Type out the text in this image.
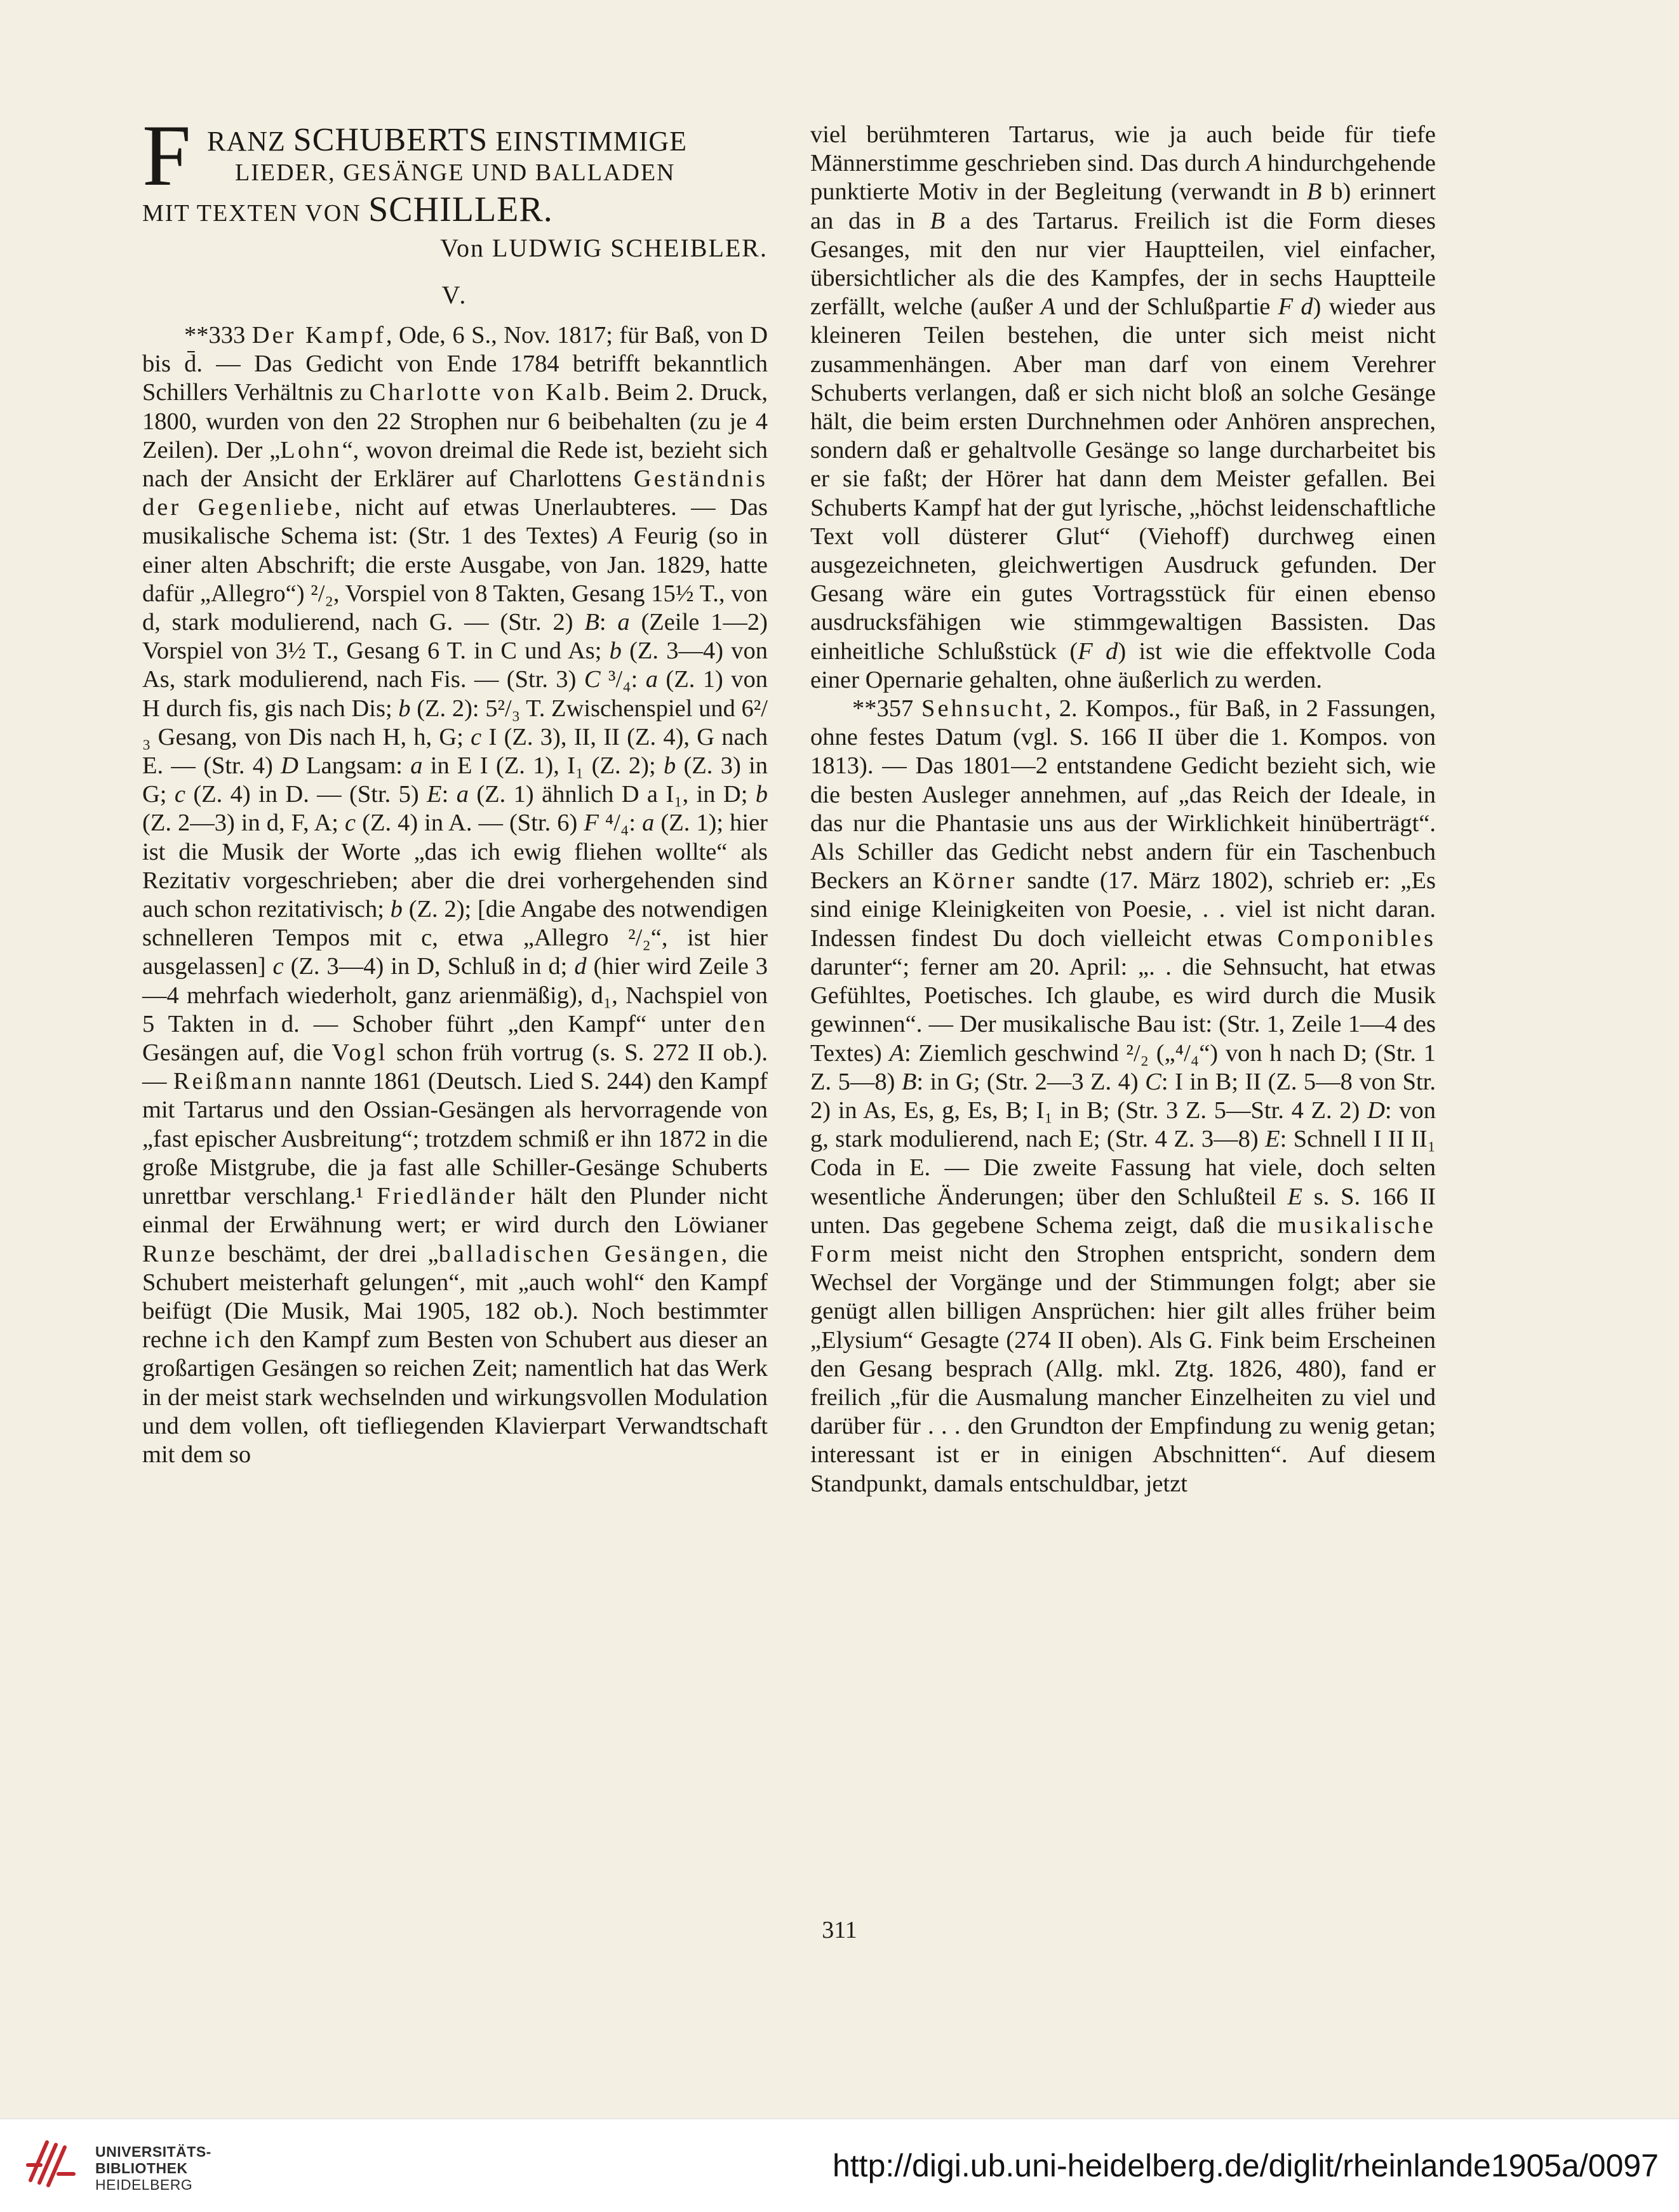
F RANZ SCHUBERTS EINSTIMMIGE
LIEDER, GESÄNGE UND BALLADEN
MIT TEXTEN VON SCHILLER.
Von LUDWIG SCHEIBLER.
V.

**333 Der Kampf, Ode, 6 S., Nov. 1817; für Baß, von D bis d̄. — Das Gedicht von Ende 1784 betrifft bekanntlich Schillers Verhältnis zu Charlotte von Kalb. Beim 2. Druck, 1800, wurden von den 22 Strophen nur 6 beibehalten (zu je 4 Zeilen). Der „Lohn“, wovon dreimal die Rede ist, bezieht sich nach der Ansicht der Erklärer auf Charlottens Geständnis der Gegenliebe, nicht auf etwas Unerlaubteres. — Das musikalische Schema ist: (Str. 1 des Textes) A Feurig (so in einer alten Abschrift; die erste Ausgabe, von Jan. 1829, hatte dafür „Allegro“) ²/₂, Vorspiel von 8 Takten, Gesang 15½ T., von d, stark modulierend, nach G. — (Str. 2) B: a (Zeile 1—2) Vorspiel von 3½ T., Gesang 6 T. in C und As; b (Z. 3—4) von As, stark modulierend, nach Fis. — (Str. 3) C ³/₄: a (Z. 1) von H durch fis, gis nach Dis; b (Z. 2): 5²/₃ T. Zwischenspiel und 6²/₃ Gesang, von Dis nach H, h, G; c I (Z. 3), II, II (Z. 4), G nach E. — (Str. 4) D Langsam: a in E I (Z. 1), I₁ (Z. 2); b (Z. 3) in G; c (Z. 4) in D. — (Str. 5) E: a (Z. 1) ähnlich D a I₁, in D; b (Z. 2—3) in d, F, A; c (Z. 4) in A. — (Str. 6) F ⁴/₄: a (Z. 1); hier ist die Musik der Worte „das ich ewig fliehen wollte“ als Rezitativ vorgeschrieben; aber die drei vorhergehenden sind auch schon rezitativisch; b (Z. 2); [die Angabe des notwendigen schnelleren Tempos mit c, etwa „Allegro ²/₂“, ist hier ausgelassen] c (Z. 3—4) in D, Schluß in d; d (hier wird Zeile 3—4 mehrfach wiederholt, ganz arienmäßig), d₁, Nachspiel von 5 Takten in d. — Schober führt „den Kampf“ unter den Gesängen auf, die Vogl schon früh vortrug (s. S. 272 II ob.). — Reißmann nannte 1861 (Deutsch. Lied S. 244) den Kampf mit Tartarus und den Ossian-Gesängen als hervorragende von „fast epischer Ausbreitung“; trotzdem schmiß er ihn 1872 in die große Mistgrube, die ja fast alle Schiller-Gesänge Schuberts unrettbar verschlang.¹ Friedländer hält den Plunder nicht einmal der Erwähnung wert; er wird durch den Löwianer Runze beschämt, der drei „balladischen Gesängen, die Schubert meisterhaft gelungen“, mit „auch wohl“ den Kampf beifügt (Die Musik, Mai 1905, 182 ob.). Noch bestimmter rechne ich den Kampf zum Besten von Schubert aus dieser an großartigen Gesängen so reichen Zeit; namentlich hat das Werk in der meist stark wechselnden und wirkungsvollen Modulation und dem vollen, oft tiefliegenden Klavierpart Verwandtschaft mit dem so

viel berühmteren Tartarus, wie ja auch beide für tiefe Männerstimme geschrieben sind. Das durch A hindurchgehende punktierte Motiv in der Begleitung (verwandt in B b) erinnert an das in B a des Tartarus. Freilich ist die Form dieses Gesanges, mit den nur vier Hauptteilen, viel einfacher, übersichtlicher als die des Kampfes, der in sechs Hauptteile zerfällt, welche (außer A und der Schlußpartie F d) wieder aus kleineren Teilen bestehen, die unter sich meist nicht zusammenhängen. Aber man darf von einem Verehrer Schuberts verlangen, daß er sich nicht bloß an solche Gesänge hält, die beim ersten Durchnehmen oder Anhören ansprechen, sondern daß er gehaltvolle Gesänge so lange durcharbeitet bis er sie faßt; der Hörer hat dann dem Meister gefallen. Bei Schuberts Kampf hat der gut lyrische, „höchst leidenschaftliche Text voll düsterer Glut“ (Viehoff) durchweg einen ausgezeichneten, gleichwertigen Ausdruck gefunden. Der Gesang wäre ein gutes Vortragsstück für einen ebenso ausdrucksfähigen wie stimmgewaltigen Bassisten. Das einheitliche Schlußstück (F d) ist wie die effektvolle Coda einer Opernarie gehalten, ohne äußerlich zu werden.

**357 Sehnsucht, 2. Kompos., für Baß, in 2 Fassungen, ohne festes Datum (vgl. S. 166 II über die 1. Kompos. von 1813). — Das 1801—2 entstandene Gedicht bezieht sich, wie die besten Ausleger annehmen, auf „das Reich der Ideale, in das nur die Phantasie uns aus der Wirklichkeit hinüberträgt“. Als Schiller das Gedicht nebst andern für ein Taschenbuch Beckers an Körner sandte (17. März 1802), schrieb er: „Es sind einige Kleinigkeiten von Poesie, . . viel ist nicht daran. Indessen findest Du doch vielleicht etwas Componibles darunter“; ferner am 20. April: „. . die Sehnsucht, hat etwas Gefühltes, Poetisches. Ich glaube, es wird durch die Musik gewinnen“. — Der musikalische Bau ist: (Str. 1, Zeile 1—4 des Textes) A: Ziemlich geschwind ²/₂ („⁴/₄“) von h nach D; (Str. 1 Z. 5—8) B: in G; (Str. 2—3 Z. 4) C: I in B; II (Z. 5—8 von Str. 2) in As, Es, g, Es, B; I₁ in B; (Str. 3 Z. 5—Str. 4 Z. 2) D: von g, stark modulierend, nach E; (Str. 4 Z. 3—8) E: Schnell I II II₁ Coda in E. — Die zweite Fassung hat viele, doch selten wesentliche Änderungen; über den Schlußteil E s. S. 166 II unten. Das gegebene Schema zeigt, daß die musikalische Form meist nicht den Strophen entspricht, sondern dem Wechsel der Vorgänge und der Stimmungen folgt; aber sie genügt allen billigen Ansprüchen: hier gilt alles früher beim „Elysium“ Gesagte (274 II oben). Als G. Fink beim Erscheinen den Gesang besprach (Allg. mkl. Ztg. 1826, 480), fand er freilich „für die Ausmalung mancher Einzelheiten zu viel und darüber für . . . den Grundton der Empfindung zu wenig getan; interessant ist er in einigen Abschnitten“. Auf diesem Standpunkt, damals entschuldbar, jetzt

311
UNIVERSITÄTS-
BIBLIOTHEK
HEIDELBERG
http://digi.ub.uni-heidelberg.de/diglit/rheinlande1905a/0097
